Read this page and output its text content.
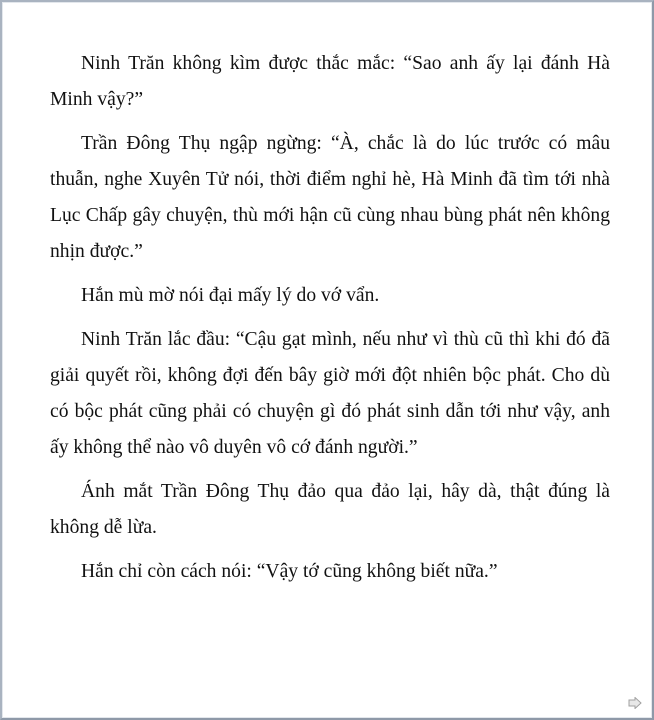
Ninh Trăn không kìm được thắc mắc: “Sao anh ấy lại đánh Hà Minh vậy?”

Trần Đông Thụ ngập ngừng: “À, chắc là do lúc trước có mâu thuẫn, nghe Xuyên Tử nói, thời điểm nghỉ hè, Hà Minh đã tìm tới nhà Lục Chấp gây chuyện, thù mới hận cũ cùng nhau bùng phát nên không nhịn được.”

Hắn mù mờ nói đại mấy lý do vớ vẩn.

Ninh Trăn lắc đầu: “Cậu gạt mình, nếu như vì thù cũ thì khi đó đã giải quyết rồi, không đợi đến bây giờ mới đột nhiên bộc phát. Cho dù có bộc phát cũng phải có chuyện gì đó phát sinh dẫn tới như vậy, anh ấy không thể nào vô duyên vô cớ đánh người.”

Ánh mắt Trần Đông Thụ đảo qua đảo lại, hây dà, thật đúng là không dễ lừa.

Hắn chỉ còn cách nói: “Vậy tớ cũng không biết nữa.”
